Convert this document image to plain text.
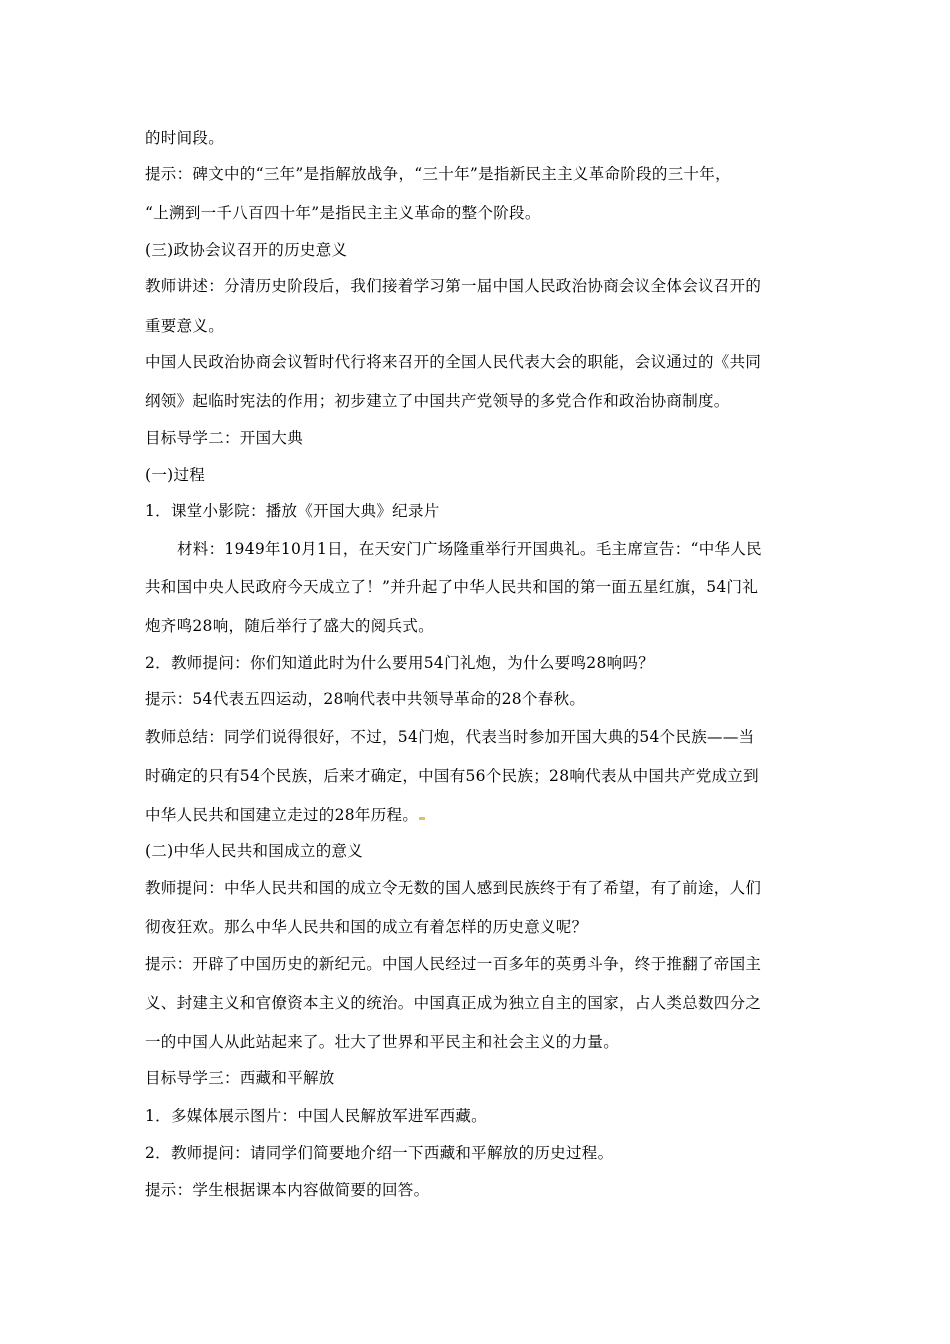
的时间段。
提示：碑文中的“三年”是指解放战争，“三十年”是指新民主主义革命阶段的三十年，
“上溯到一千八百四十年”是指民主主义革命的整个阶段。
(三)政协会议召开的历史意义
教师讲述：分清历史阶段后，我们接着学习第一届中国人民政治协商会议全体会议召开的
重要意义。
中国人民政治协商会议暂时代行将来召开的全国人民代表大会的职能，会议通过的《共同
纲领》起临时宪法的作用；初步建立了中国共产党领导的多党合作和政治协商制度。
目标导学二：开国大典
(一)过程
1．课堂小影院：播放《开国大典》纪录片
材料：1949年10月1日，在天安门广场隆重举行开国典礼。毛主席宣告：“中华人民
共和国中央人民政府今天成立了！”并升起了中华人民共和国的第一面五星红旗，54门礼
炮齐鸣28响，随后举行了盛大的阅兵式。
2．教师提问：你们知道此时为什么要用54门礼炮，为什么要鸣28响吗？
提示：54代表五四运动，28响代表中共领导革命的28个春秋。
教师总结：同学们说得很好，不过，54门炮，代表当时参加开国大典的54个民族——当
时确定的只有54个民族，后来才确定，中国有56个民族；28响代表从中国共产党成立到
中华人民共和国建立走过的28年历程。
(二)中华人民共和国成立的意义
教师提问：中华人民共和国的成立令无数的国人感到民族终于有了希望，有了前途，人们
彻夜狂欢。那么中华人民共和国的成立有着怎样的历史意义呢？
提示：开辟了中国历史的新纪元。中国人民经过一百多年的英勇斗争，终于推翻了帝国主
义、封建主义和官僚资本主义的统治。中国真正成为独立自主的国家，占人类总数四分之
一的中国人从此站起来了。壮大了世界和平民主和社会主义的力量。
目标导学三：西藏和平解放
1．多媒体展示图片：中国人民解放军进军西藏。
2．教师提问：请同学们简要地介绍一下西藏和平解放的历史过程。
提示：学生根据课本内容做简要的回答。
